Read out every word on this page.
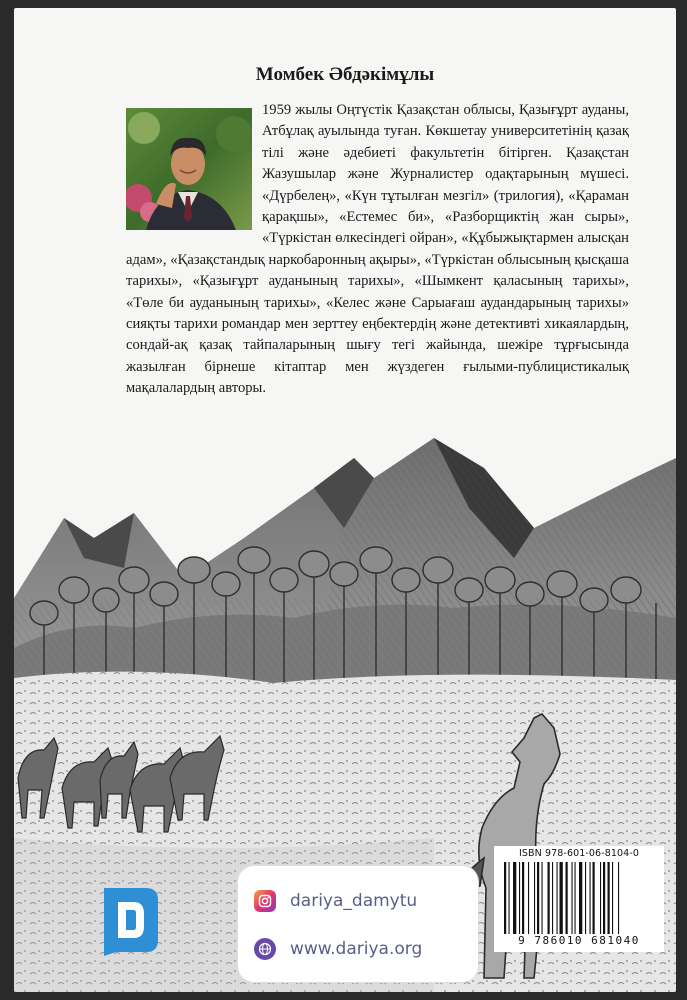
Момбек Әбдәкімұлы
1959 жылы Оңтүстік Қазақстан облысы, Қазығұрт ауданы, Атбұлақ ауылында туған. Көкшетау университетінің қазақ тілі және әдебиеті факультетін бітірген. Қазақстан Жазушылар және Журналистер одақтарының мүшесі. «Дүрбелең», «Күн тұтылған мезгіл» (трилогия), «Қараман қарақшы», «Естемес би», «Разборщиктің жан сыры», «Түркістан өлкесіндегі ойран», «Құбыжықтармен алысқан адам», «Қазақстандық наркобаронның ақыры», «Түркістан облысының қысқаша тарихы», «Қазығұрт ауданының тарихы», «Шымкент қаласының тарихы», «Төле би ауданының тарихы», «Келес және Сарыағаш аудандарының тарихы» сияқты тарихи романдар мен зерттеу еңбектердің және детективті хикаялардың, сондай-ақ қазақ тайпаларының шығу тегі жайында, шежіре тұрғысында жазылған бірнеше кітаптар мен жүздеген ғылыми-публицистикалық мақалалардың авторы.
dariya_damytu
www.dariya.org
ISBN 978-601-06-8104-0
9 786010 681040
